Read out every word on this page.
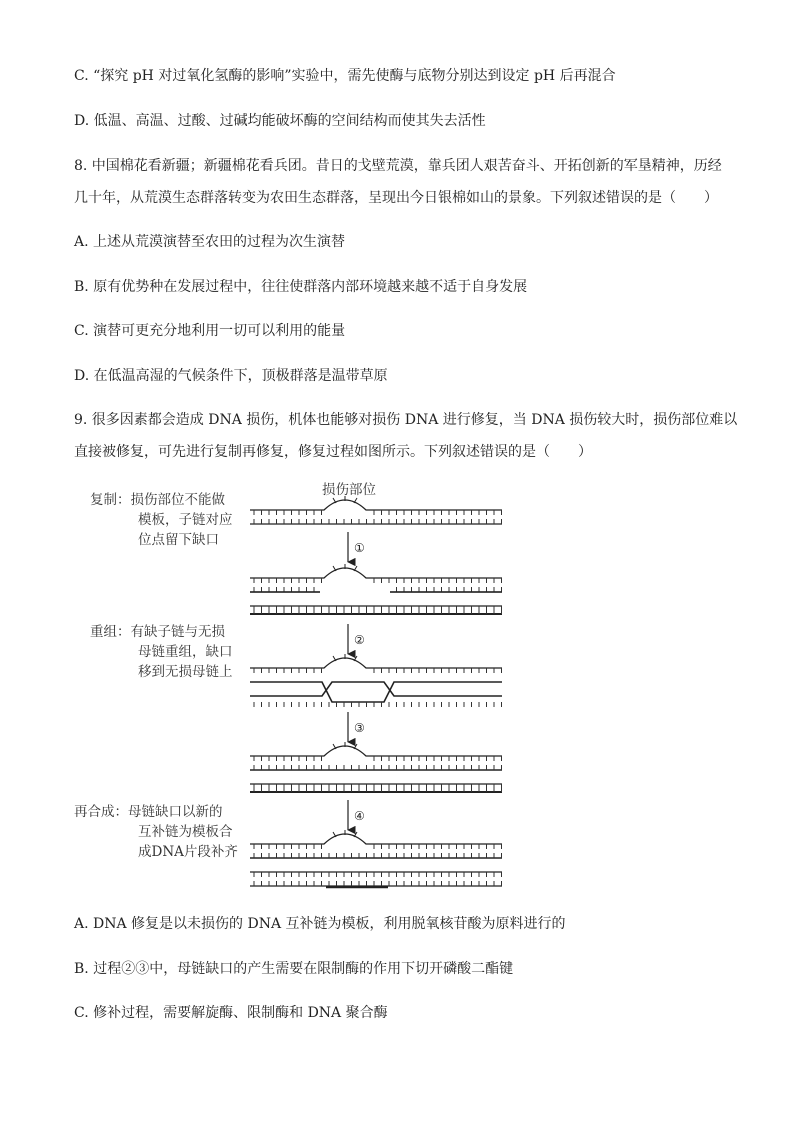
C. “探究 pH 对过氧化氢酶的影响”实验中，需先使酶与底物分别达到设定 pH 后再混合

D. 低温、高温、过酸、过碱均能破坏酶的空间结构而使其失去活性

8. 中国棉花看新疆；新疆棉花看兵团。昔日的戈壁荒漠，靠兵团人艰苦奋斗、开拓创新的军垦精神，历经

几十年，从荒漠生态群落转变为农田生态群落，呈现出今日银棉如山的景象。下列叙述错误的是（　　）

A. 上述从荒漠演替至农田的过程为次生演替

B. 原有优势种在发展过程中，往往使群落内部环境越来越不适于自身发展

C. 演替可更充分地利用一切可以利用的能量

D. 在低温高湿的气候条件下，顶极群落是温带草原

9. 很多因素都会造成 DNA 损伤，机体也能够对损伤 DNA 进行修复，当 DNA 损伤较大时，损伤部位难以

直接被修复，可先进行复制再修复，修复过程如图所示。下列叙述错误的是（　　）

损伤部位
复制：损伤部位不能做
模板，子链对应
位点留下缺口
重组：有缺子链与无损
母链重组，缺口
移到无损母链上
再合成：母链缺口以新的
互补链为模板合
成DNA片段补齐
①
②
③
④

A. DNA 修复是以未损伤的 DNA 互补链为模板，利用脱氧核苷酸为原料进行的

B. 过程②③中，母链缺口的产生需要在限制酶的作用下切开磷酸二酯键

C. 修补过程，需要解旋酶、限制酶和 DNA 聚合酶
